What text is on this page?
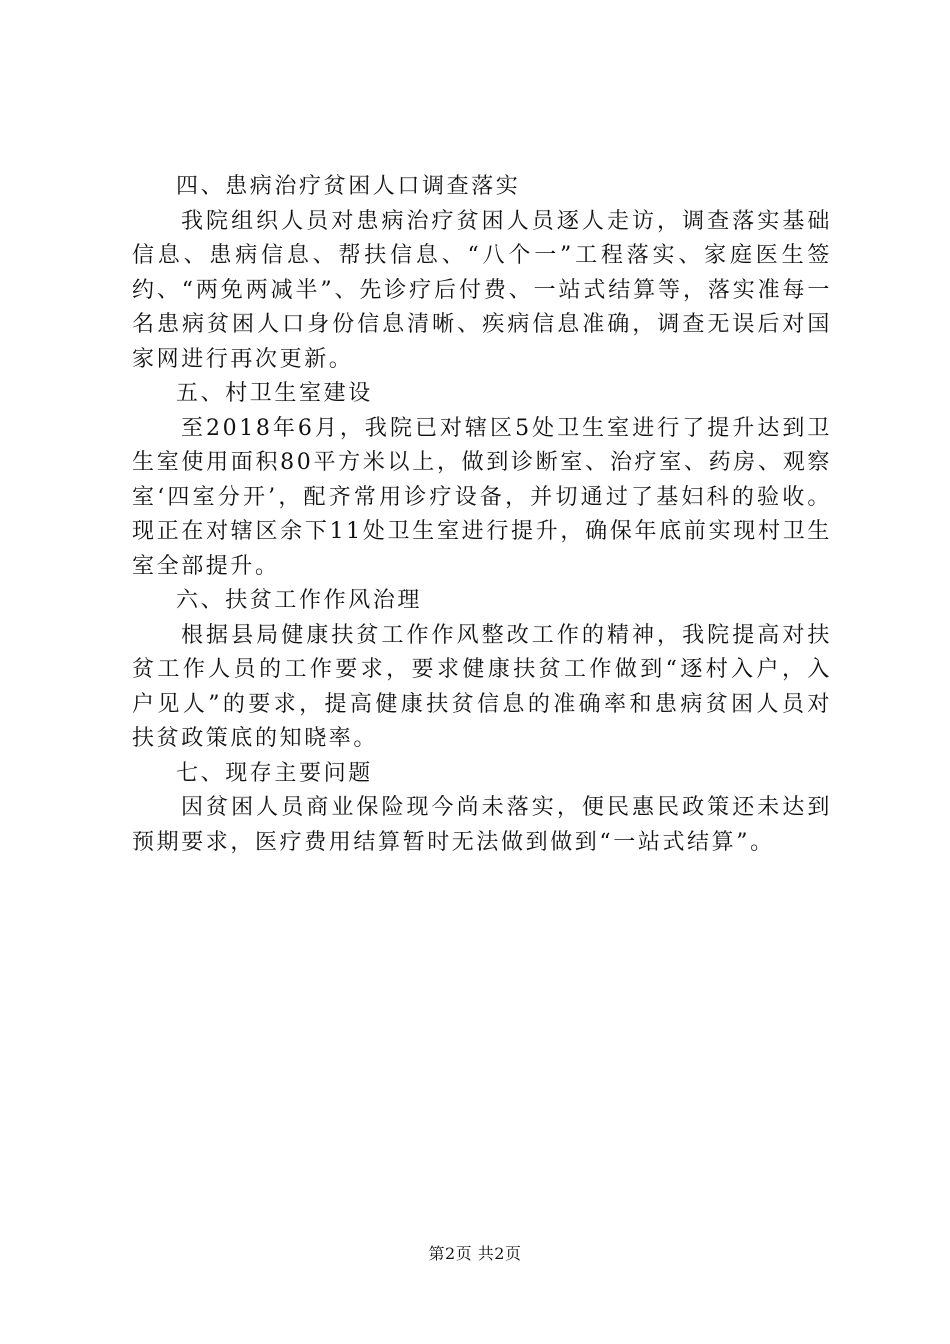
四、患病治疗贫困人口调查落实

我院组织人员对患病治疗贫困人员逐人走访，调查落实基础信息、患病信息、帮扶信息、“八个一”工程落实、家庭医生签约、“两免两减半”、先诊疗后付费、一站式结算等，落实准每一名患病贫困人口身份信息清晰、疾病信息准确，调查无误后对国家网进行再次更新。

五、村卫生室建设

至2018年6月，我院已对辖区5处卫生室进行了提升达到卫生室使用面积80平方米以上，做到诊断室、治疗室、药房、观察室‘四室分开’，配齐常用诊疗设备，并切通过了基妇科的验收。现正在对辖区余下11处卫生室进行提升，确保年底前实现村卫生室全部提升。

六、扶贫工作作风治理

根据县局健康扶贫工作作风整改工作的精神，我院提高对扶贫工作人员的工作要求，要求健康扶贫工作做到“逐村入户，入户见人”的要求，提高健康扶贫信息的准确率和患病贫困人员对扶贫政策底的知晓率。

七、现存主要问题

因贫困人员商业保险现今尚未落实，便民惠民政策还未达到预期要求，医疗费用结算暂时无法做到做到“一站式结算”。

第2页 共2页
